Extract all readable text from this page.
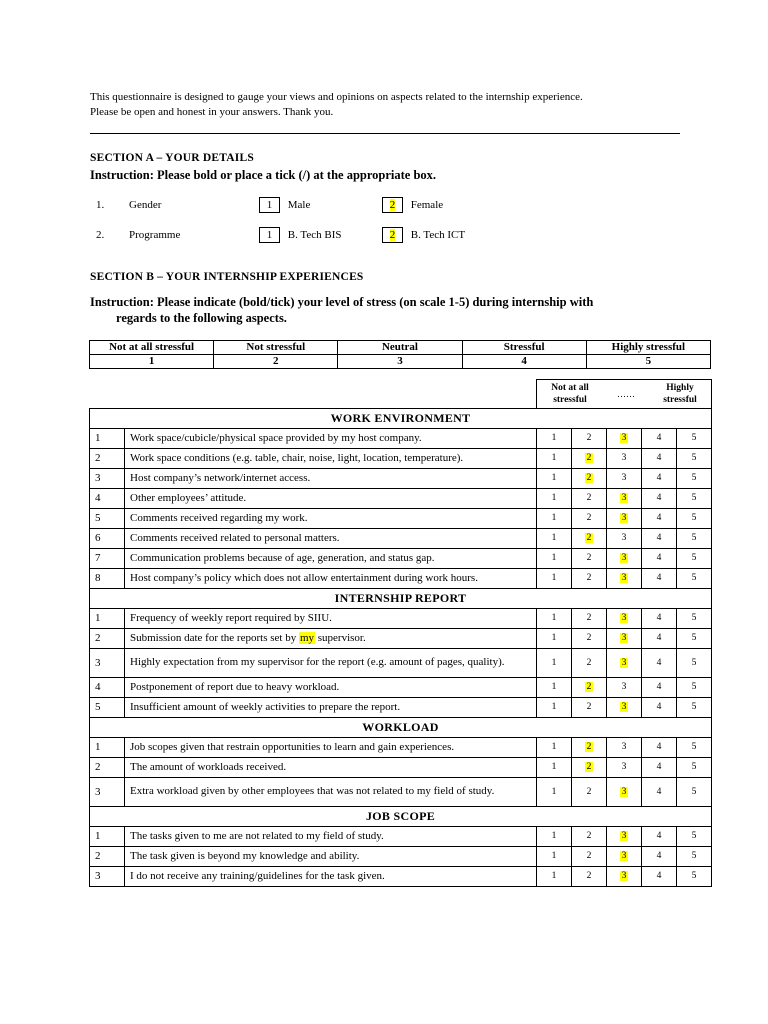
This questionnaire is designed to gauge your views and opinions on aspects related to the internship experience.
Please be open and honest in your answers. Thank you.
SECTION A – YOUR DETAILS
Instruction: Please bold or place a tick (/) at the appropriate box.
1. Gender	1 Male	2 Female
2. Programme	1 B. Tech BIS	2 B. Tech ICT
SECTION B – YOUR INTERNSHIP EXPERIENCES
Instruction: Please indicate (bold/tick) your level of stress (on scale 1-5) during internship with
regards to the following aspects.
Not at all stressful	Not stressful	Neutral	Stressful	Highly stressful
1	2	3	4	5

		Not at all stressful
……
Highly stressful				

WORK ENVIRONMENT						
1	Work space/cubicle/physical space provided by my host company.	1	2	3	4	5
2	Work space conditions (e.g. table, chair, noise, light, location, temperature).	1	2	3	4	5
3	Host company’s network/internet access.	1	2	3	4	5
4	Other employees’ attitude.	1	2	3	4	5
5	Comments received regarding my work.	1	2	3	4	5
6	Comments received related to personal matters.	1	2	3	4	5
7	Communication problems because of age, generation, and status gap.	1	2	3	4	5
8	Host company’s policy which does not allow entertainment during work hours.	1	2	3	4	5
INTERNSHIP REPORT						
1	Frequency of weekly report required by SIIU.	1	2	3	4	5
2	Submission date for the reports set by my supervisor.	1	2	3	4	5
3	Highly expectation from my supervisor for the report (e.g. amount of pages, quality).	1	2	3	4	5
4	Postponement of report due to heavy workload.	1	2	3	4	5
5	Insufficient amount of weekly activities to prepare the report.	1	2	3	4	5
WORKLOAD						
1	Job scopes given that restrain opportunities to learn and gain experiences.	1	2	3	4	5
2	The amount of workloads received.	1	2	3	4	5
3	Extra workload given by other employees that was not related to my field of study.	1	2	3	4	5
JOB SCOPE						
1	The tasks given to me are not related to my field of study.	1	2	3	4	5
2	The task given is beyond my knowledge and ability.	1	2	3	4	5
3	I do not receive any training/guidelines for the task given.	1	2	3	4	5
